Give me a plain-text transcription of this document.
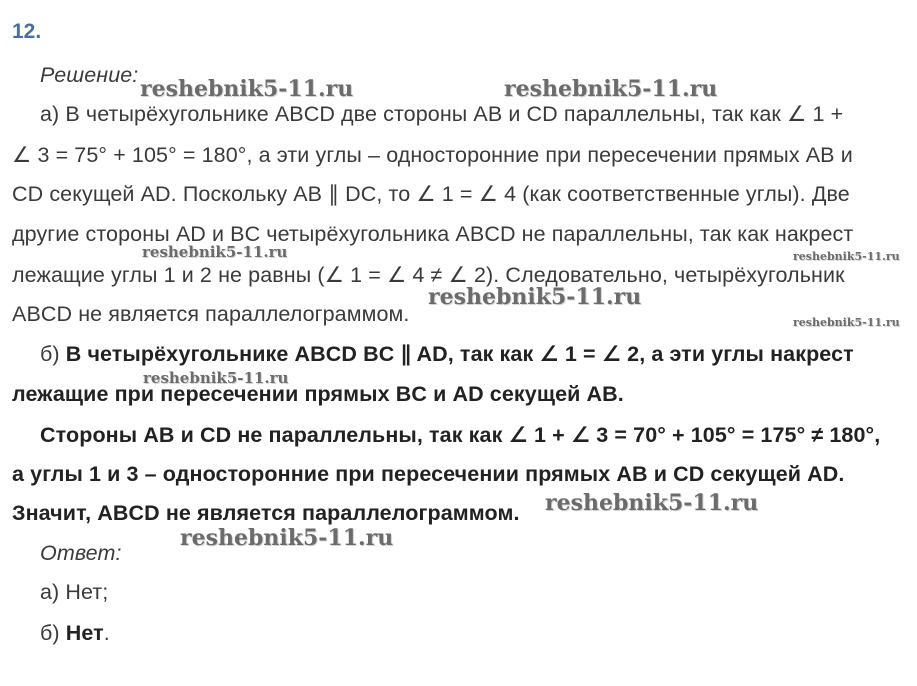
12.
Решение:
а) В четырёхугольнике ABCD две стороны AB и CD параллельны, так как ∠ 1 +
∠ 3 = 75° + 105° = 180°, а эти углы – односторонние при пересечении прямых AB и
CD секущей AD. Поскольку AB ∥ DC, то ∠ 1 = ∠ 4 (как соответственные углы). Две
другие стороны AD и BC четырёхугольника ABCD не параллельны, так как накрест
лежащие углы 1 и 2 не равны (∠ 1 = ∠ 4 ≠ ∠ 2). Следовательно, четырёхугольник
ABCD не является параллелограммом.
б) В четырёхугольнике ABCD BC ∥ AD, так как ∠ 1 = ∠ 2, а эти углы накрест
лежащие при пересечении прямых BC и AD секущей AB.
Стороны AB и CD не параллельны, так как ∠ 1 + ∠ 3 = 70° + 105° = 175° ≠ 180°,
а углы 1 и 3 – односторонние при пересечении прямых AB и CD секущей AD.
Значит, ABCD не является параллелограммом.
Ответ:
а) Нет;
б) Нет.
reshebnik5-11.ru	reshebnik5-11.ru
reshebnik5-11.ru	reshebnik5-11.ru
reshebnik5-11.ru
reshebnik5-11.ru
reshebnik5-11.ru
reshebnik5-11.ru
reshebnik5-11.ru
